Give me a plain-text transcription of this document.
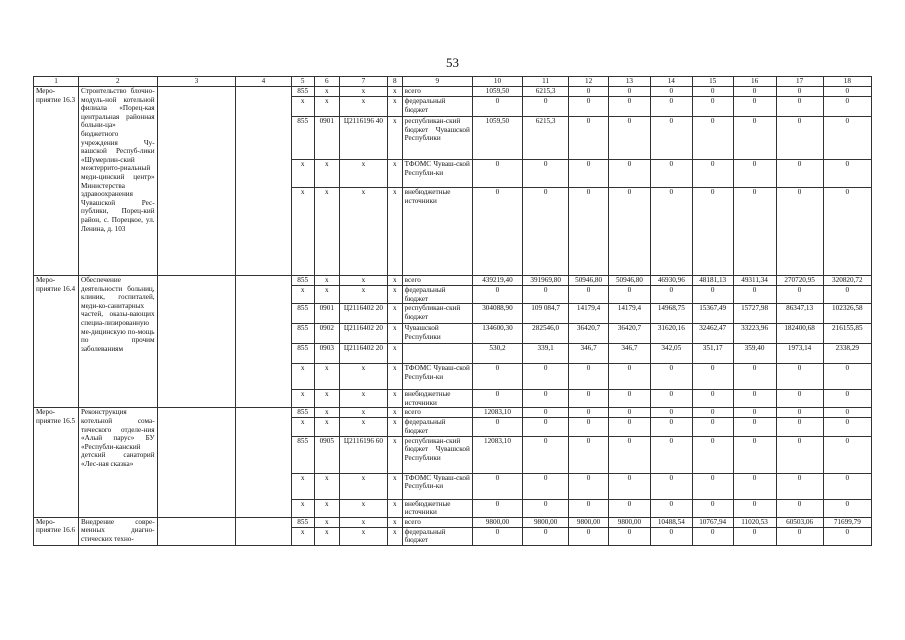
53
1	2	3	4	5	6	7	8	9	10	11	12	13	14	15	16	17	18
Меро-приятие 16.3	Строительство блочно-модуль-ной котельной филиала «Порец-кая центральная районная больни-ца» бюджетного учреждения Чу-вашской Респуб-лики «Шумерлин-ский межтеррито-риальный меди-цинский центр» Министерства здравоохранения Чувашской Рес-публики, Порец-кий район, с. Порецкое, ул. Ленина, д. 103			855	x	x	x	всего	1059,50	6215,3	0	0	0	0	0	0	0
				x	x	x	x	федеральный бюджет	0	0	0	0	0	0	0	0	0
				855	0901	Ц2116196 40	x	республикан-ский бюджет Чувашской Республики	1059,50	6215,3	0	0	0	0	0	0	0
				x	x	x	x	ТФОМС Чуваш-ской Республи-ки	0	0	0	0	0	0	0	0	0
				x	x	x	x	внебюджетные источники	0	0	0	0	0	0	0	0	0
Меро-приятие 16.4	Обеспечение деятельности больниц, клиник, госпиталей, меди-ко-санитарных частей, оказы-вающих специа-лизированную ме-дицинскую по-мощь по прочим заболеваниям			855	x	x	x	всего	439219,40	391969,80	50946,80	50946,80	46930,96	48181,13	49311,34	270720,95	320820,72
				x	x	x	x	федеральный бюджет	0	0	0	0	0	0	0	0	0
				855	0901	Ц2116402 20	x	республикан-ский бюджет	304088,90	109 084,7	14179,4	14179,4	14968,75	15367,49	15727,98	86347,13	102326,58
				855	0902	Ц2116402 20	x	Чувашской Республики	134600,30	282546,0	36420,7	36420,7	31620,16	32462,47	33223,96	182400,68	216155,85
				855	0903	Ц2116402 20	x		530,2	339,1	346,7	346,7	342,05	351,17	359,40	1973,14	2338,29
				x	x	x	x	ТФОМС Чуваш-ской Республи-ки	0	0	0	0	0	0	0	0	0
				x	x	x	x	внебюджетные источники	0	0	0	0	0	0	0	0	0
Меро-приятие 16.5	Реконструкция котельной сома-тического отделе-ния «Алый парус» БУ «Республи-канский детский санаторий «Лес-ная сказка»			855	x	x	x	всего	12083,10	0	0	0	0	0	0	0	0
				x	x	x	x	федеральный бюджет	0	0	0	0	0	0	0	0	0
				855	0905	Ц2116196 60	x	республикан-ский бюджет Чувашской Республики	12083,10	0	0	0	0	0	0	0	0
				x	x	x	x	ТФОМС Чуваш-ской Республи-ки	0	0	0	0	0	0	0	0	0
				x	x	x	x	внебюджетные источники	0	0	0	0	0	0	0	0	0
Меро-приятие 16.6	Внедрение совре-менных диагно-стических техно-			855	x	x	x	всего	9800,00	9800,00	9800,00	9800,00	10488,54	10767,94	11020,53	60503,06	71699,79
				x	x	x	x	федеральный бюджет	0	0	0	0	0	0	0	0	0
